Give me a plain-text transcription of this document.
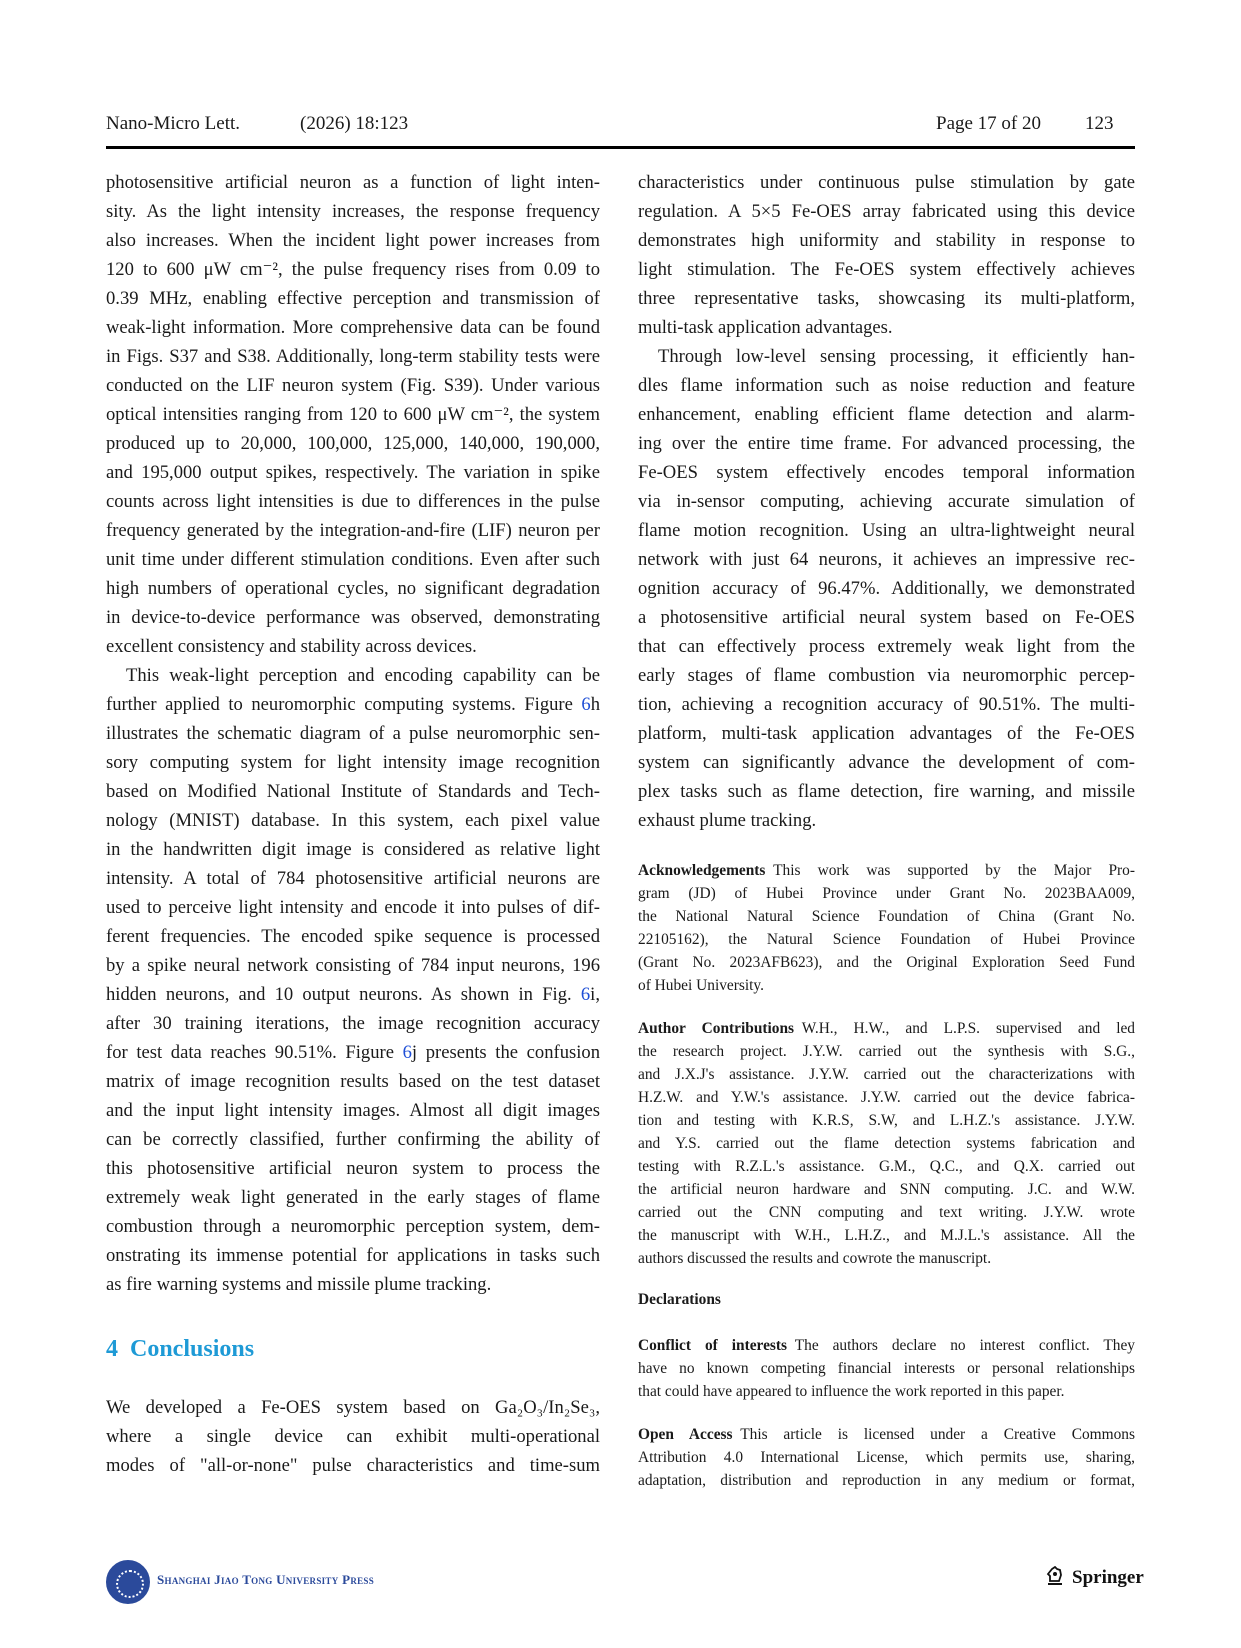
Nano-Micro Lett.	(2026) 18:123	Page 17 of 20 123
photosensitive artificial neuron as a function of light inten-
sity. As the light intensity increases, the response frequency
also increases. When the incident light power increases from
120 to 600 μW cm⁻², the pulse frequency rises from 0.09 to
0.39 MHz, enabling effective perception and transmission of
weak-light information. More comprehensive data can be found
in Figs. S37 and S38. Additionally, long-term stability tests were
conducted on the LIF neuron system (Fig. S39). Under various
optical intensities ranging from 120 to 600 μW cm⁻², the system
produced up to 20,000, 100,000, 125,000, 140,000, 190,000,
and 195,000 output spikes, respectively. The variation in spike
counts across light intensities is due to differences in the pulse
frequency generated by the integration-and-fire (LIF) neuron per
unit time under different stimulation conditions. Even after such
high numbers of operational cycles, no significant degradation
in device-to-device performance was observed, demonstrating
excellent consistency and stability across devices.
This weak-light perception and encoding capability can be
further applied to neuromorphic computing systems. Figure 6h
illustrates the schematic diagram of a pulse neuromorphic sen-
sory computing system for light intensity image recognition
based on Modified National Institute of Standards and Tech-
nology (MNIST) database. In this system, each pixel value
in the handwritten digit image is considered as relative light
intensity. A total of 784 photosensitive artificial neurons are
used to perceive light intensity and encode it into pulses of dif-
ferent frequencies. The encoded spike sequence is processed
by a spike neural network consisting of 784 input neurons, 196
hidden neurons, and 10 output neurons. As shown in Fig. 6i,
after 30 training iterations, the image recognition accuracy
for test data reaches 90.51%. Figure 6j presents the confusion
matrix of image recognition results based on the test dataset
and the input light intensity images. Almost all digit images
can be correctly classified, further confirming the ability of
this photosensitive artificial neuron system to process the
extremely weak light generated in the early stages of flame
combustion through a neuromorphic perception system, dem-
onstrating its immense potential for applications in tasks such
as fire warning systems and missile plume tracking.
We developed a Fe-OES system based on Ga₂O₃/In₂Se₃,
where a single device can exhibit multi-operational
modes of "all-or-none" pulse characteristics and time-sum
4 Conclusions
characteristics under continuous pulse stimulation by gate
regulation. A 5×5 Fe-OES array fabricated using this device
demonstrates high uniformity and stability in response to
light stimulation. The Fe-OES system effectively achieves
three representative tasks, showcasing its multi-platform,
multi-task application advantages.
Through low-level sensing processing, it efficiently han-
dles flame information such as noise reduction and feature
enhancement, enabling efficient flame detection and alarm-
ing over the entire time frame. For advanced processing, the
Fe-OES system effectively encodes temporal information
via in-sensor computing, achieving accurate simulation of
flame motion recognition. Using an ultra-lightweight neural
network with just 64 neurons, it achieves an impressive rec-
ognition accuracy of 96.47%. Additionally, we demonstrated
a photosensitive artificial neural system based on Fe-OES
that can effectively process extremely weak light from the
early stages of flame combustion via neuromorphic percep-
tion, achieving a recognition accuracy of 90.51%. The multi-
platform, multi-task application advantages of the Fe-OES
system can significantly advance the development of com-
plex tasks such as flame detection, fire warning, and missile
exhaust plume tracking.
Acknowledgements  This work was supported by the Major Pro-
gram (JD) of Hubei Province under Grant No. 2023BAA009,
the National Natural Science Foundation of China (Grant No.
22105162), the Natural Science Foundation of Hubei Province
(Grant No. 2023AFB623), and the Original Exploration Seed Fund
of Hubei University.
Author Contributions  W.H., H.W., and L.P.S. supervised and led
the research project. J.Y.W. carried out the synthesis with S.G.,
and J.X.J's assistance. J.Y.W. carried out the characterizations with
H.Z.W. and Y.W.'s assistance. J.Y.W. carried out the device fabrica-
tion and testing with K.R.S, S.W, and L.H.Z.'s assistance. J.Y.W.
and Y.S. carried out the flame detection systems fabrication and
testing with R.Z.L.'s assistance. G.M., Q.C., and Q.X. carried out
the artificial neuron hardware and SNN computing. J.C. and W.W.
carried out the CNN computing and text writing. J.Y.W. wrote
the manuscript with W.H., L.H.Z., and M.J.L.'s assistance. All the
authors discussed the results and cowrote the manuscript.
Declarations
Conflict of interests  The authors declare no interest conflict. They
have no known competing financial interests or personal relationships
that could have appeared to influence the work reported in this paper.
Open Access  This article is licensed under a Creative Commons
Attribution 4.0 International License, which permits use, sharing,
adaptation, distribution and reproduction in any medium or format,
Shanghai Jiao Tong University Press	Springer
